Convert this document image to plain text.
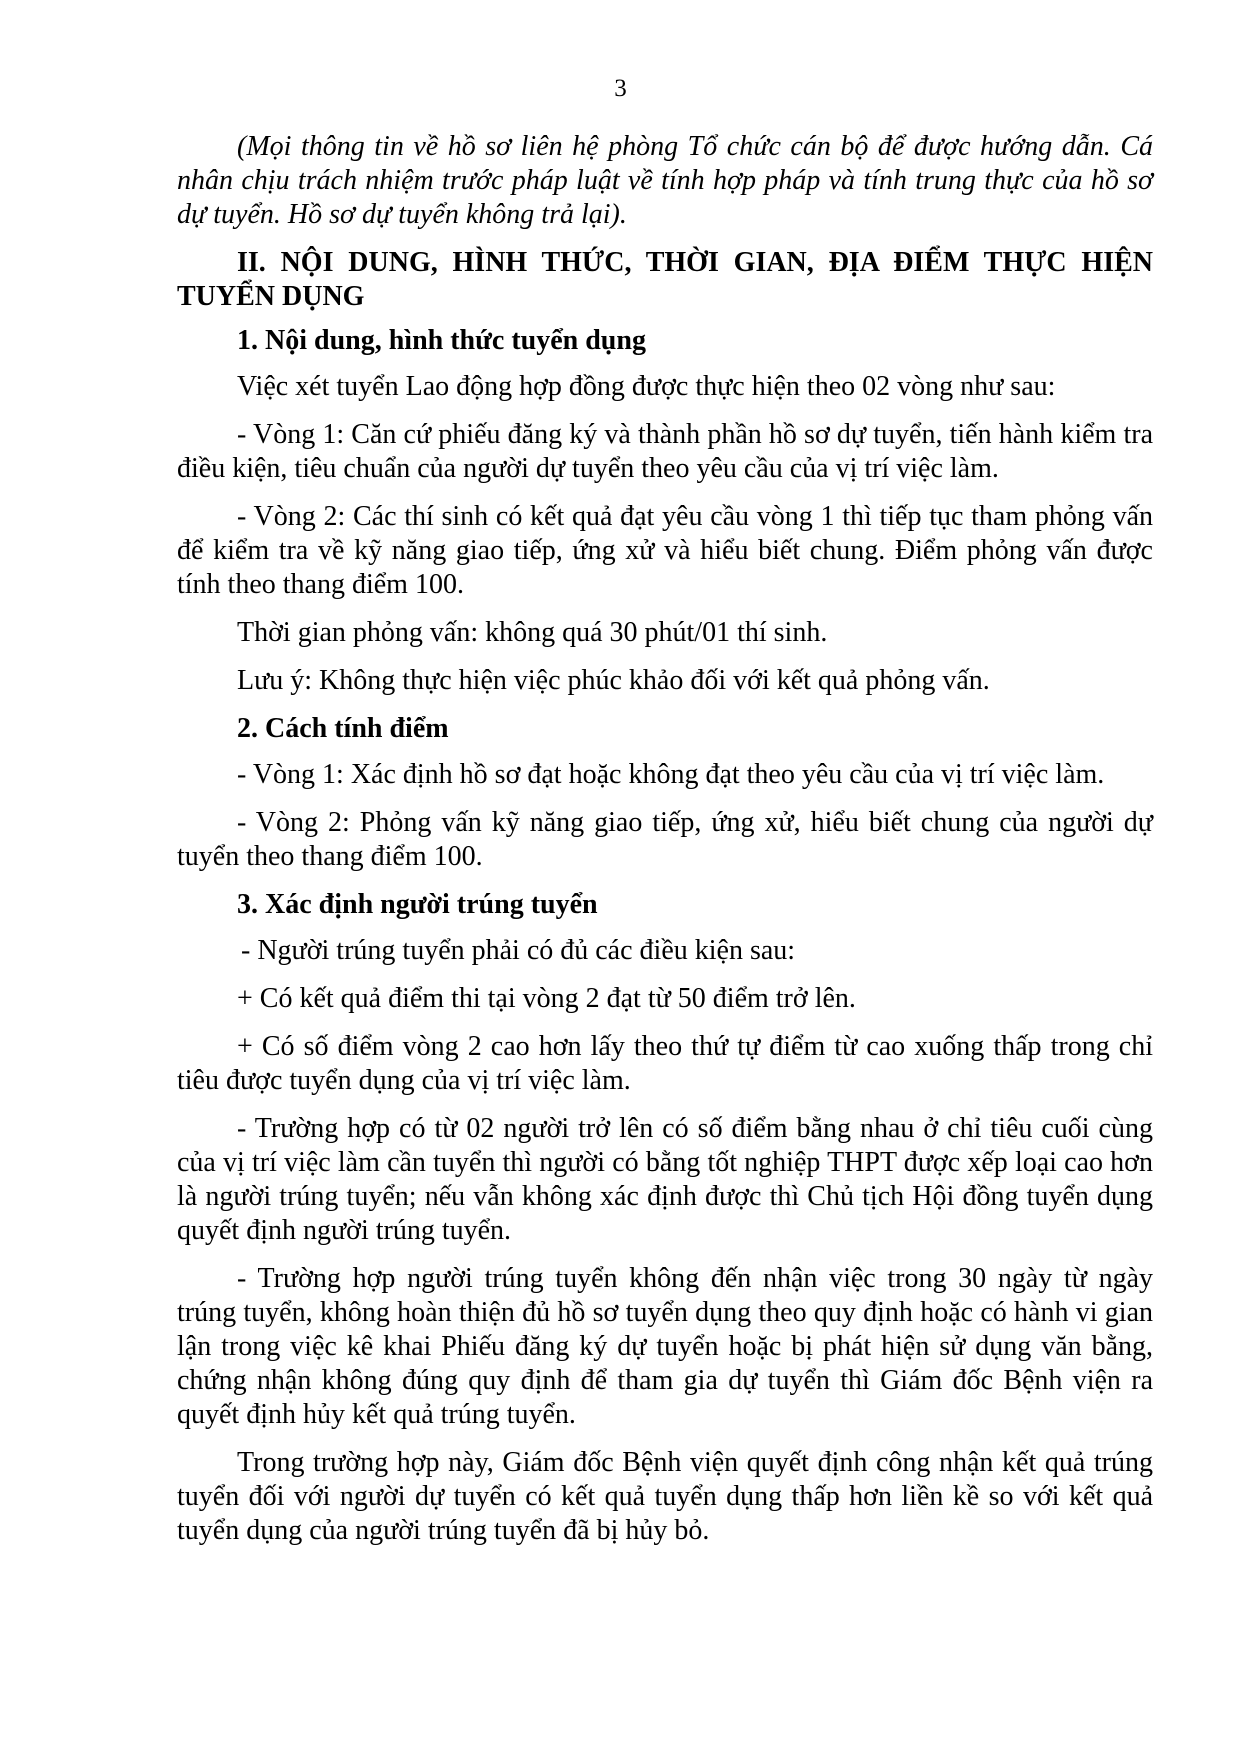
3

(Mọi thông tin về hồ sơ liên hệ phòng Tổ chức cán bộ để được hướng dẫn. Cá nhân chịu trách nhiệm trước pháp luật về tính hợp pháp và tính trung thực của hồ sơ dự tuyển. Hồ sơ dự tuyển không trả lại).

II. NỘI DUNG, HÌNH THỨC, THỜI GIAN, ĐỊA ĐIỂM THỰC HIỆN TUYỂN DỤNG

1. Nội dung, hình thức tuyển dụng

Việc xét tuyển Lao động hợp đồng được thực hiện theo 02 vòng như sau:

- Vòng 1: Căn cứ phiếu đăng ký và thành phần hồ sơ dự tuyển, tiến hành kiểm tra điều kiện, tiêu chuẩn của người dự tuyển theo yêu cầu của vị trí việc làm.

- Vòng 2: Các thí sinh có kết quả đạt yêu cầu vòng 1 thì tiếp tục tham phỏng vấn để kiểm tra về kỹ năng giao tiếp, ứng xử và hiểu biết chung. Điểm phỏng vấn được tính theo thang điểm 100.

Thời gian phỏng vấn: không quá 30 phút/01 thí sinh.

Lưu ý: Không thực hiện việc phúc khảo đối với kết quả phỏng vấn.

2. Cách tính điểm

- Vòng 1: Xác định hồ sơ đạt hoặc không đạt theo yêu cầu của vị trí việc làm.

- Vòng 2: Phỏng vấn kỹ năng giao tiếp, ứng xử, hiểu biết chung của người dự tuyển theo thang điểm 100.

3. Xác định người trúng tuyển

- Người trúng tuyển phải có đủ các điều kiện sau:

+ Có kết quả điểm thi tại vòng 2 đạt từ 50 điểm trở lên.

+ Có số điểm vòng 2 cao hơn lấy theo thứ tự điểm từ cao xuống thấp trong chỉ tiêu được tuyển dụng của vị trí việc làm.

- Trường hợp có từ 02 người trở lên có số điểm bằng nhau ở chỉ tiêu cuối cùng của vị trí việc làm cần tuyển thì người có bằng tốt nghiệp THPT được xếp loại cao hơn là người trúng tuyển; nếu vẫn không xác định được thì Chủ tịch Hội đồng tuyển dụng quyết định người trúng tuyển.

- Trường hợp người trúng tuyển không đến nhận việc trong 30 ngày từ ngày trúng tuyển, không hoàn thiện đủ hồ sơ tuyển dụng theo quy định hoặc có hành vi gian lận trong việc kê khai Phiếu đăng ký dự tuyển hoặc bị phát hiện sử dụng văn bằng, chứng nhận không đúng quy định để tham gia dự tuyển thì Giám đốc Bệnh viện ra quyết định hủy kết quả trúng tuyển.

Trong trường hợp này, Giám đốc Bệnh viện quyết định công nhận kết quả trúng tuyển đối với người dự tuyển có kết quả tuyển dụng thấp hơn liền kề so với kết quả tuyển dụng của người trúng tuyển đã bị hủy bỏ.
